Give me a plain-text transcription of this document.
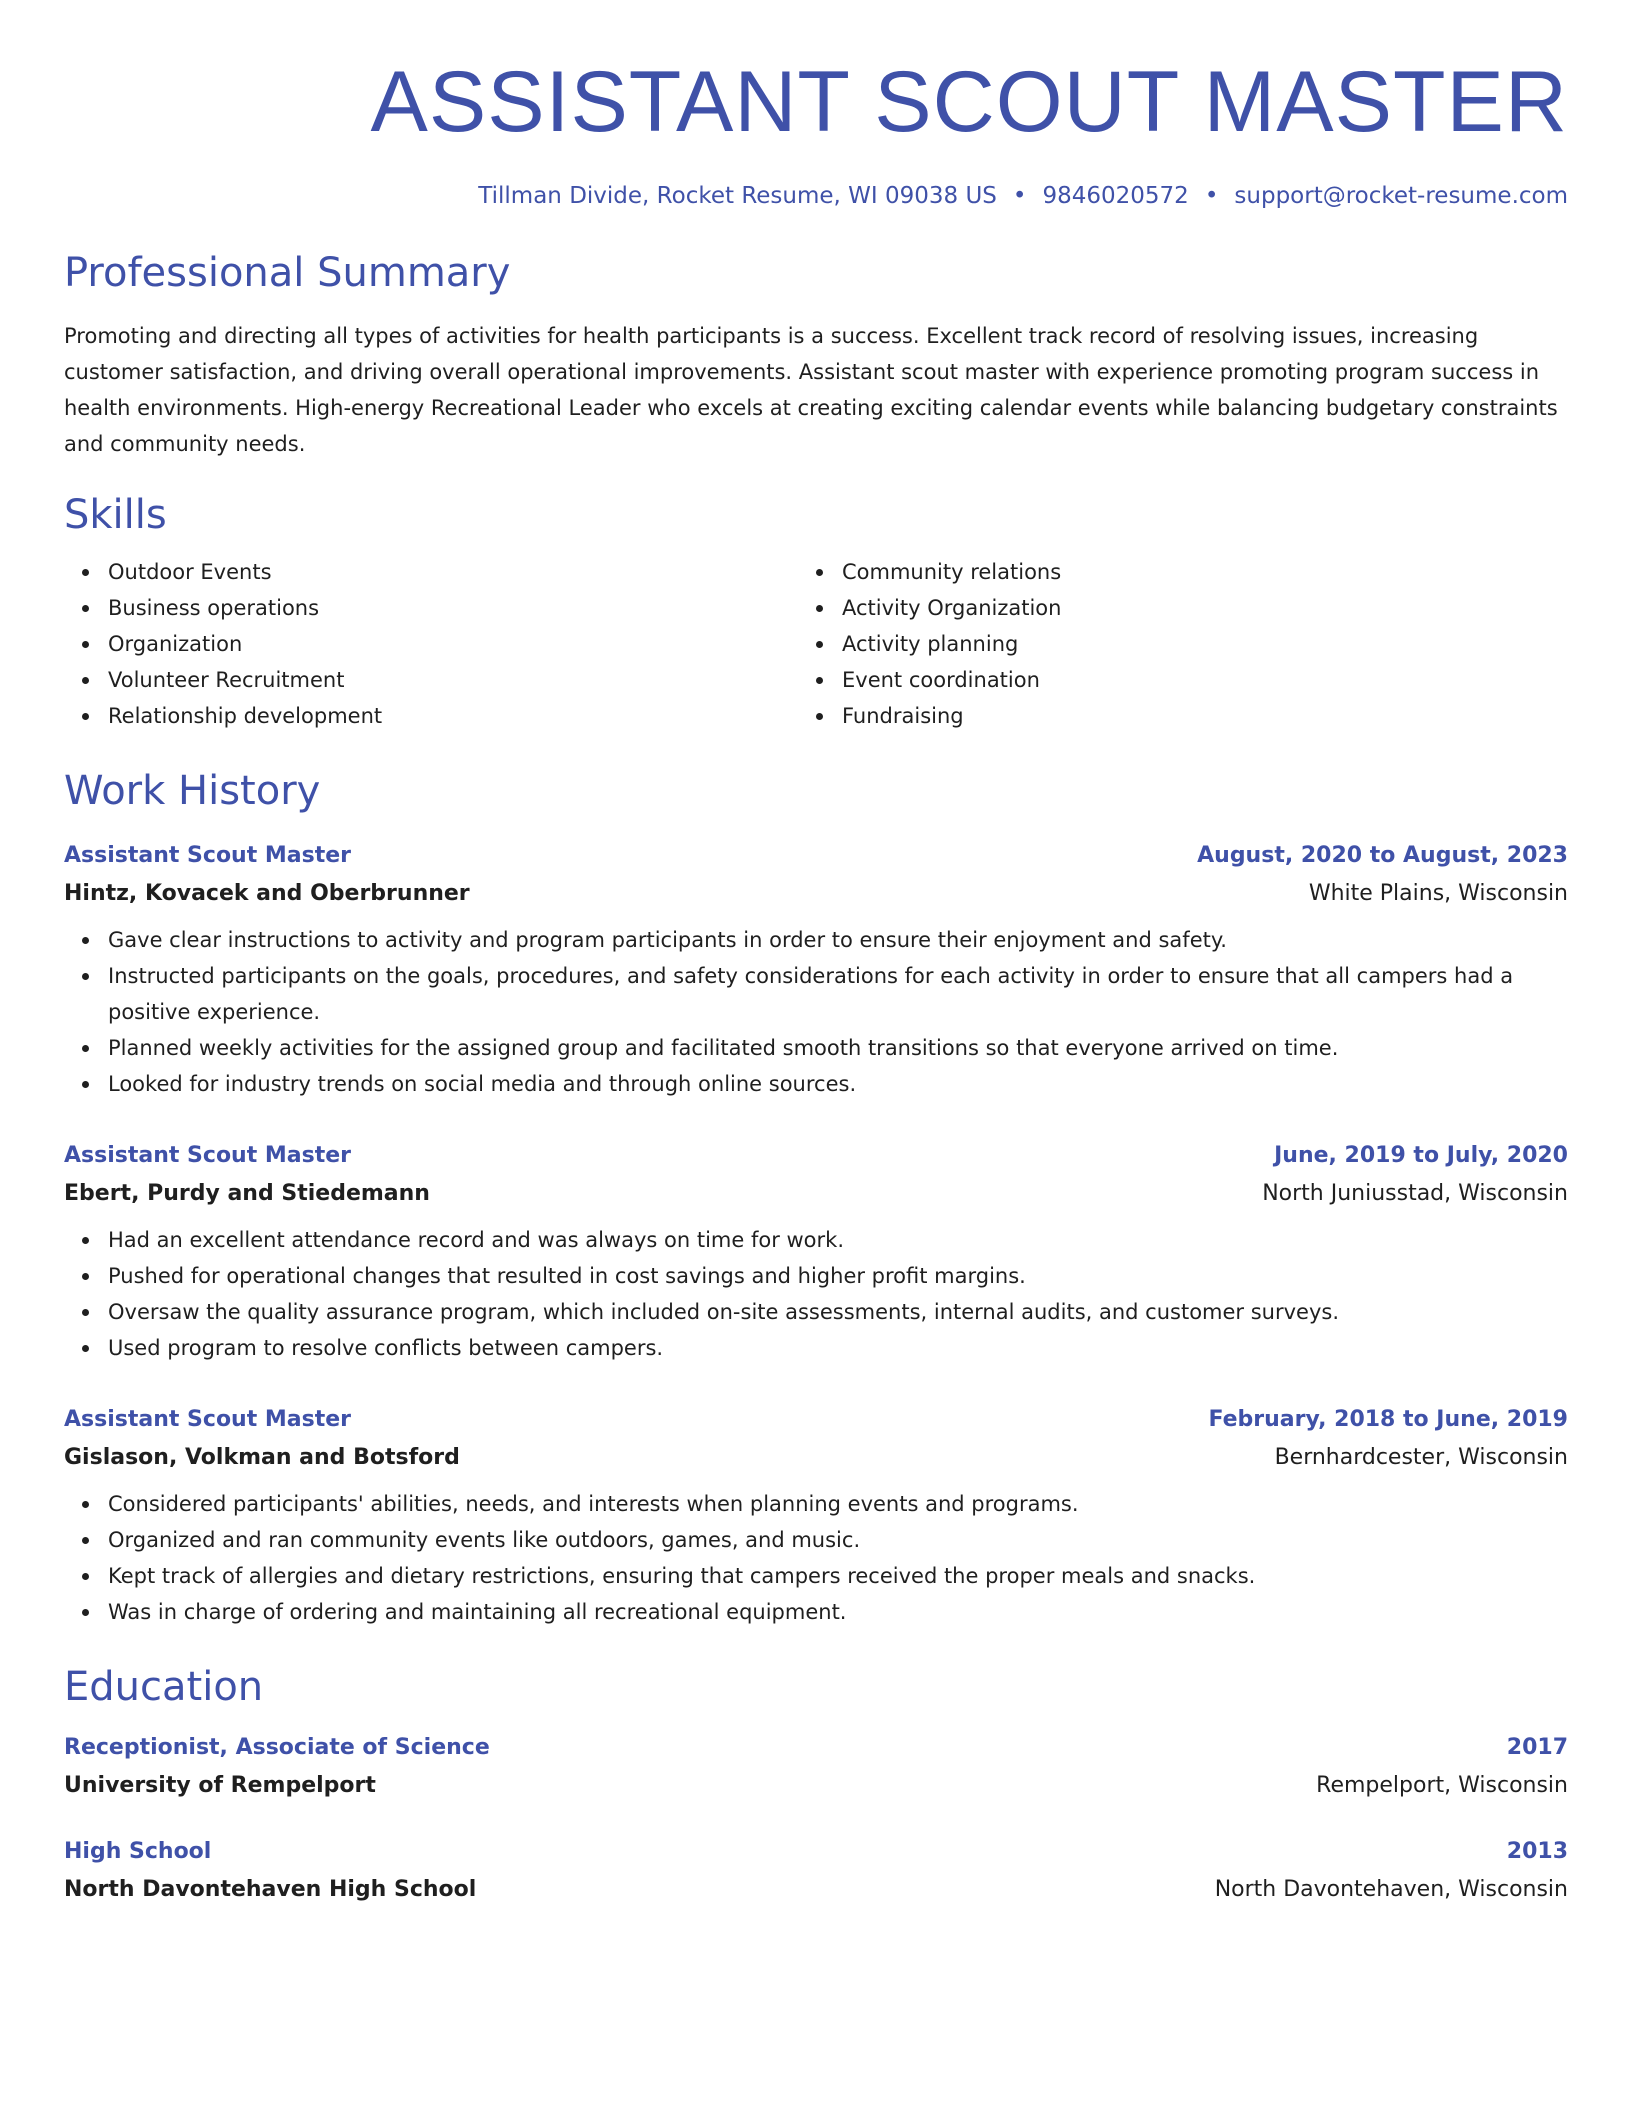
ASSISTANT SCOUT MASTER
Tillman Divide, Rocket Resume, WI 09038 US • 9846020572 • support@rocket-resume.com
Professional Summary

Promoting and directing all types of activities for health participants is a success. Excellent track record of resolving issues, increasing customer satisfaction, and driving overall operational improvements. Assistant scout master with experience promoting program success in health environments. High-energy Recreational Leader who excels at creating exciting calendar events while balancing budgetary constraints and community needs.

Skills
Outdoor Events
Business operations
Organization
Volunteer Recruitment
Relationship development
Community relations
Activity Organization
Activity planning
Event coordination
Fundraising
Work History
Assistant Scout Master	August, 2020 to August, 2023
Hintz, Kovacek and Oberbrunner	White Plains, Wisconsin
Gave clear instructions to activity and program participants in order to ensure their enjoyment and safety.
Instructed participants on the goals, procedures, and safety considerations for each activity in order to ensure that all campers had a positive experience.
Planned weekly activities for the assigned group and facilitated smooth transitions so that everyone arrived on time.
Looked for industry trends on social media and through online sources.
Assistant Scout Master	June, 2019 to July, 2020
Ebert, Purdy and Stiedemann	North Juniusstad, Wisconsin
Had an excellent attendance record and was always on time for work.
Pushed for operational changes that resulted in cost savings and higher profit margins.
Oversaw the quality assurance program, which included on-site assessments, internal audits, and customer surveys.
Used program to resolve conflicts between campers.
Assistant Scout Master	February, 2018 to June, 2019
Gislason, Volkman and Botsford	Bernhardcester, Wisconsin
Considered participants' abilities, needs, and interests when planning events and programs.
Organized and ran community events like outdoors, games, and music.
Kept track of allergies and dietary restrictions, ensuring that campers received the proper meals and snacks.
Was in charge of ordering and maintaining all recreational equipment.
Education
Receptionist, Associate of Science	2017
University of Rempelport	Rempelport, Wisconsin
High School	2013
North Davontehaven High School	North Davontehaven, Wisconsin
